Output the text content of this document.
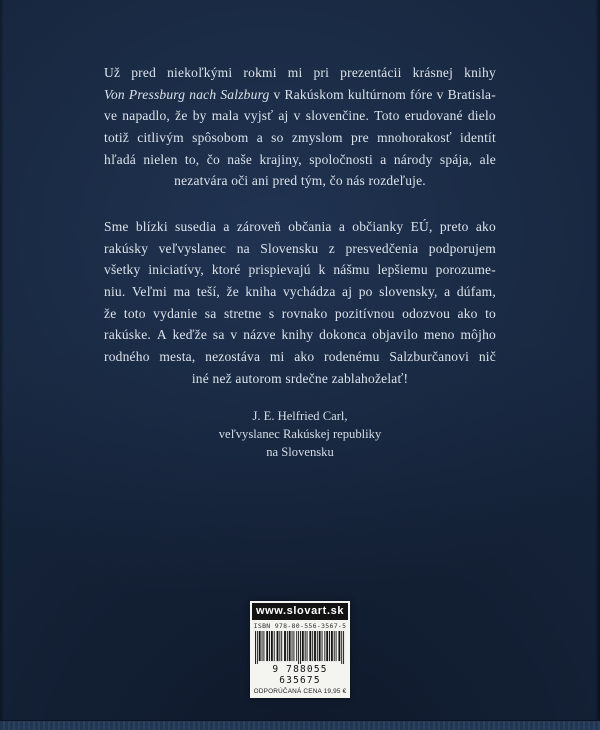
Už pred niekoľkými rokmi mi pri prezentácii krásnej knihy
Von Pressburg nach Salzburg v Rakúskom kultúrnom fóre v Bratisla-
ve napadlo, že by mala vyjsť aj v slovenčine. Toto erudované dielo
totiž citlivým spôsobom a so zmyslom pre mnohorakosť identít
hľadá nielen to, čo naše krajiny, spoločnosti a národy spája, ale
nezatvára oči ani pred tým, čo nás rozdeľuje.
Sme blízki susedia a zároveň občania a občianky EÚ, preto ako
rakúsky veľvyslanec na Slovensku z presvedčenia podporujem
všetky iniciatívy, ktoré prispievajú k nášmu lepšiemu porozume-
niu. Veľmi ma teší, že kniha vychádza aj po slovensky, a dúfam,
že toto vydanie sa stretne s rovnako pozitívnou odozvou ako to
rakúske. A keďže sa v názve knihy dokonca objavilo meno môjho
rodného mesta, nezostáva mi ako rodenému Salzburčanovi nič
iné než autorom srdečne zablahoželať!
J. E. Helfried Carl,
veľvyslanec Rakúskej republiky
na Slovensku
www.slovart.sk
ISBN 978-80-556-3567-5
9 788055 635675
ODPORÚČANÁ CENA 19,95 €
